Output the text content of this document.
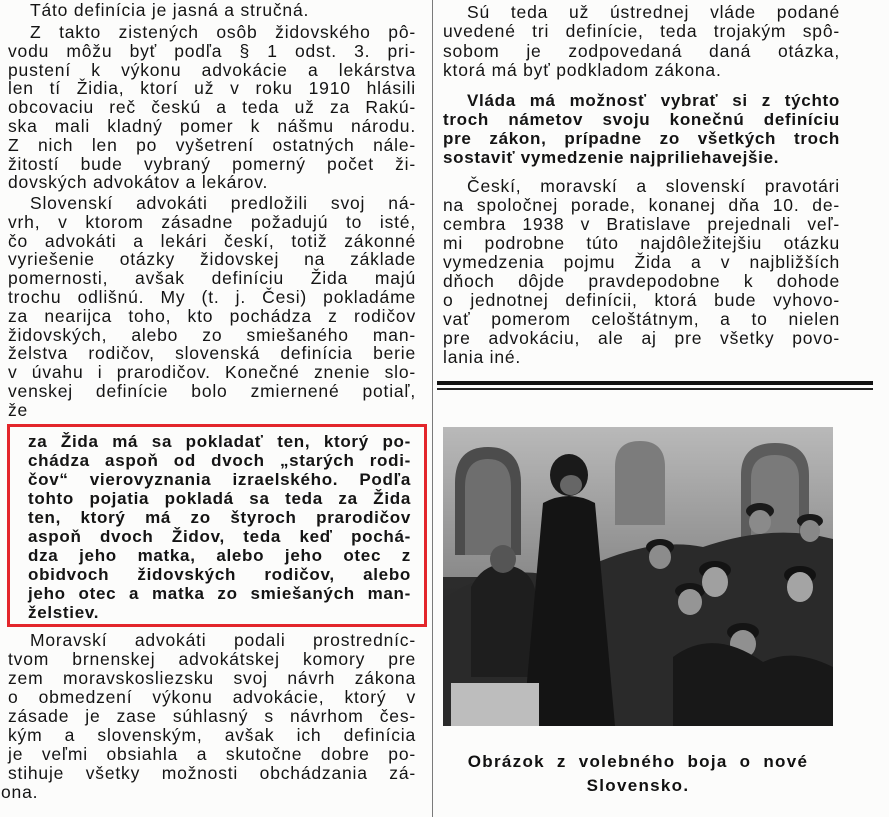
Táto definícia je jasná a stručná.
Z takto zistených osôb židovského pô-
vodu môžu byť podľa § 1 odst. 3. pri-
pustení k výkonu advokácie a lekárstva
len tí Židia, ktorí už v roku 1910 hlásili
obcovaciu reč českú a teda už za Rakú-
ska mali kladný pomer k nášmu národu.
Z nich len po vyšetrení ostatných nále-
žitostí bude vybraný pomerný počet ži-
dovských advokátov a lekárov.
Slovenskí advokáti predložili svoj ná-
vrh, v ktorom zásadne požadujú to isté,
čo advokáti a lekári českí, totiž zákonné
vyriešenie otázky židovskej na základe
pomernosti, avšak definíciu Žida majú
trochu odlišnú. My (t. j. Česi) pokladáme
za nearijca toho, kto pochádza z rodičov
židovských, alebo zo smiešaného man-
želstva rodičov, slovenská definícia berie
v úvahu i prarodičov. Konečné znenie slo-
venskej definície bolo zmiernené potiaľ,
že
za Žida má sa pokladať ten, ktorý po-
chádza aspoň od dvoch „starých rodi-
čov“ vierovyznania izraelského. Podľa
tohto pojatia pokladá sa teda za Žida
ten, ktorý má zo štyroch prarodičov
aspoň dvoch Židov, teda keď pochá-
dza jeho matka, alebo jeho otec z
obidvoch židovských rodičov, alebo
jeho otec a matka zo smiešaných man-
želstiev.
Moravskí advokáti podali prostredníc-
tvom brnenskej advokátskej komory pre
zem moravskosliezsku svoj návrh zákona
o obmedzení výkonu advokácie, ktorý v
zásade je zase súhlasný s návrhom čes-
kým a slovenským, avšak ich definícia
je veľmi obsiahla a skutočne dobre po-
stihuje všetky možnosti obchádzania zá-
ona.
Sú teda už ústrednej vláde podané
uvedené tri definície, teda trojakým spô-
sobom je zodpovedaná daná otázka,
ktorá má byť podkladom zákona.
Vláda má možnosť vybrať si z týchto
troch námetov svoju konečnú definíciu
pre zákon, prípadne zo všetkých troch
sostaviť vymedzenie najpriliehavejšie.
Českí, moravskí a slovenskí pravotári
na spoločnej porade, konanej dňa 10. de-
cembra 1938 v Bratislave prejednali veľ-
mi podrobne túto najdôležitejšiu otázku
vymedzenia pojmu Žida a v najbližších
dňoch dôjde pravdepodobne k dohode
o jednotnej definícii, ktorá bude vyhovo-
vať pomerom celoštátnym, a to nielen
pre advokáciu, ale aj pre všetky povo-
lania iné.
Obrázok z volebného boja o nové
Slovensko.
